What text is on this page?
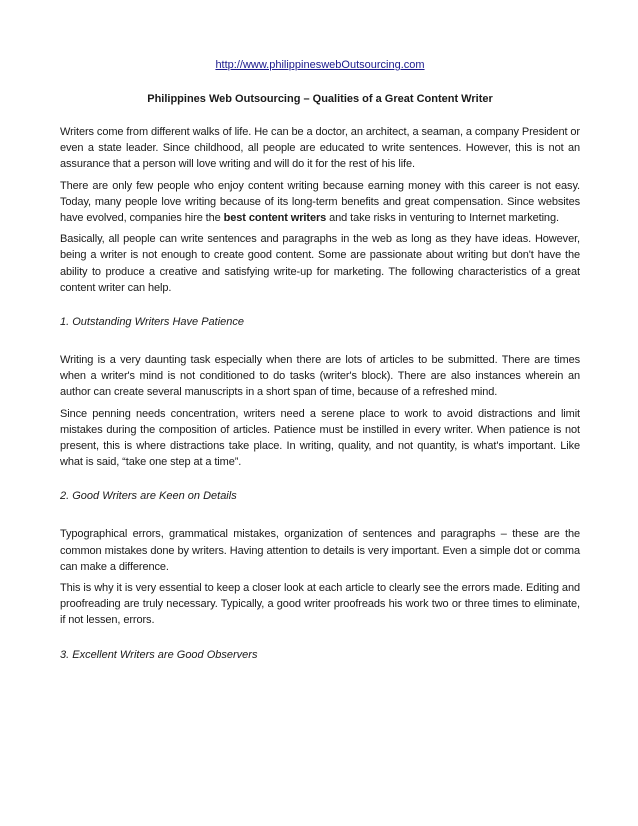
http://www.philippineswebOutsourcing.com
Philippines Web Outsourcing – Qualities of a Great Content Writer

Writers come from different walks of life. He can be a doctor, an architect, a seaman, a company President or even a state leader. Since childhood, all people are educated to write sentences. However, this is not an assurance that a person will love writing and will do it for the rest of his life.

There are only few people who enjoy content writing because earning money with this career is not easy. Today, many people love writing because of its long-term benefits and great compensation. Since websites have evolved, companies hire the best content writers and take risks in venturing to Internet marketing.

Basically, all people can write sentences and paragraphs in the web as long as they have ideas. However, being a writer is not enough to create good content. Some are passionate about writing but don't have the ability to produce a creative and satisfying write-up for marketing. The following characteristics of a great content writer can help.

1. Outstanding Writers Have Patience

Writing is a very daunting task especially when there are lots of articles to be submitted. There are times when a writer's mind is not conditioned to do tasks (writer's block). There are also instances wherein an author can create several manuscripts in a short span of time, because of a refreshed mind.

Since penning needs concentration, writers need a serene place to work to avoid distractions and limit mistakes during the composition of articles. Patience must be instilled in every writer. When patience is not present, this is where distractions take place. In writing, quality, and not quantity, is what's important. Like what is said, “take one step at a time”.

2. Good Writers are Keen on Details

Typographical errors, grammatical mistakes, organization of sentences and paragraphs – these are the common mistakes done by writers. Having attention to details is very important. Even a simple dot or comma can make a difference.

This is why it is very essential to keep a closer look at each article to clearly see the errors made. Editing and proofreading are truly necessary. Typically, a good writer proofreads his work two or three times to eliminate, if not lessen, errors.

3. Excellent Writers are Good Observers
